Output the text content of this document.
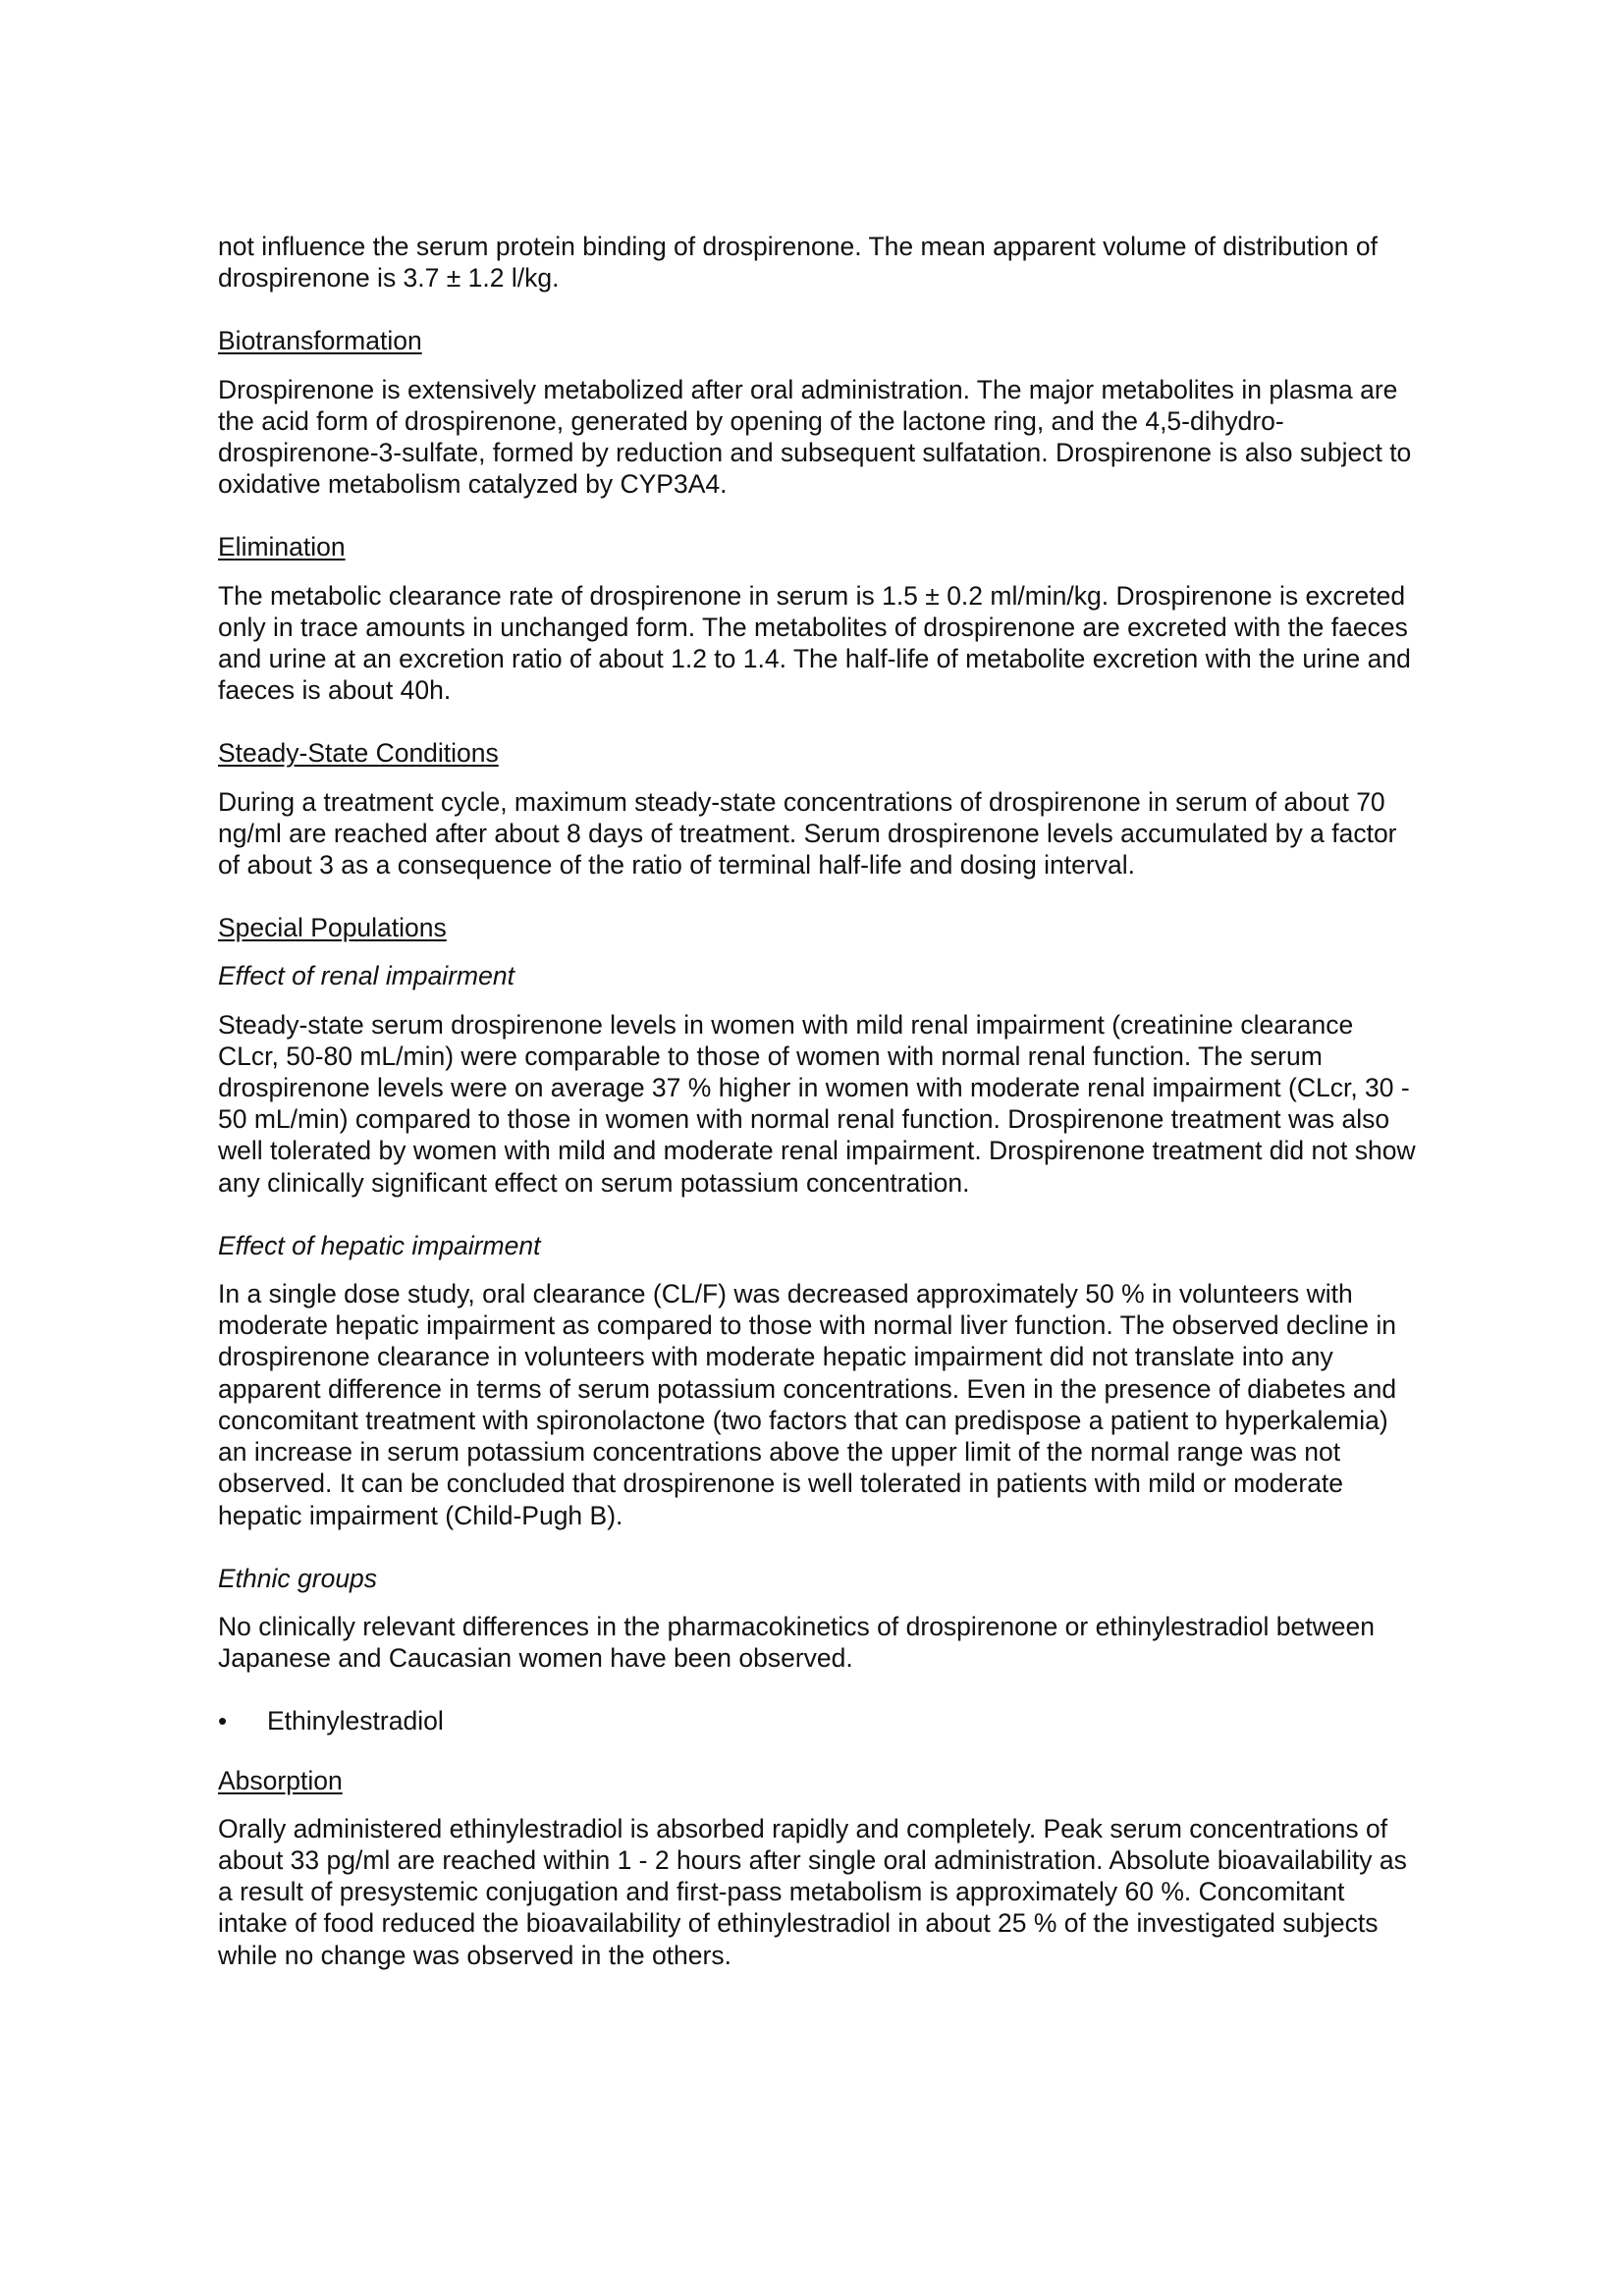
not influence the serum protein binding of drospirenone. The mean apparent volume of distribution of drospirenone is 3.7 ± 1.2 l/kg.

Biotransformation

Drospirenone is extensively metabolized after oral administration. The major metabolites in plasma are the acid form of drospirenone, generated by opening of the lactone ring, and the 4,5-dihydro-drospirenone-3-sulfate, formed by reduction and subsequent sulfatation. Drospirenone is also subject to oxidative metabolism catalyzed by CYP3A4.

Elimination

The metabolic clearance rate of drospirenone in serum is 1.5 ± 0.2 ml/min/kg. Drospirenone is excreted only in trace amounts in unchanged form. The metabolites of drospirenone are excreted with the faeces and urine at an excretion ratio of about 1.2 to 1.4. The half-life of metabolite excretion with the urine and faeces is about 40h.

Steady-State Conditions

During a treatment cycle, maximum steady-state concentrations of drospirenone in serum of about 70 ng/ml are reached after about 8 days of treatment. Serum drospirenone levels accumulated by a factor of about 3 as a consequence of the ratio of terminal half-life and dosing interval.

Special Populations

Effect of renal impairment

Steady-state serum drospirenone levels in women with mild renal impairment (creatinine clearance CLcr, 50-80 mL/min) were comparable to those of women with normal renal function. The serum drospirenone levels were on average 37 % higher in women with moderate renal impairment (CLcr, 30 - 50 mL/min) compared to those in women with normal renal function. Drospirenone treatment was also well tolerated by women with mild and moderate renal impairment. Drospirenone treatment did not show any clinically significant effect on serum potassium concentration.

Effect of hepatic impairment

In a single dose study, oral clearance (CL/F) was decreased approximately 50 % in volunteers with moderate hepatic impairment as compared to those with normal liver function. The observed decline in drospirenone clearance in volunteers with moderate hepatic impairment did not translate into any apparent difference in terms of serum potassium concentrations. Even in the presence of diabetes and concomitant treatment with spironolactone (two factors that can predispose a patient to hyperkalemia) an increase in serum potassium concentrations above the upper limit of the normal range was not observed. It can be concluded that drospirenone is well tolerated in patients with mild or moderate hepatic impairment (Child-Pugh B).

Ethnic groups

No clinically relevant differences in the pharmacokinetics of drospirenone or ethinylestradiol between Japanese and Caucasian women have been observed.

•	Ethinylestradiol

Absorption

Orally administered ethinylestradiol is absorbed rapidly and completely. Peak serum concentrations of about 33 pg/ml are reached within 1 - 2 hours after single oral administration. Absolute bioavailability as a result of presystemic conjugation and first-pass metabolism is approximately 60 %. Concomitant intake of food reduced the bioavailability of ethinylestradiol in about 25 % of the investigated subjects while no change was observed in the others.
